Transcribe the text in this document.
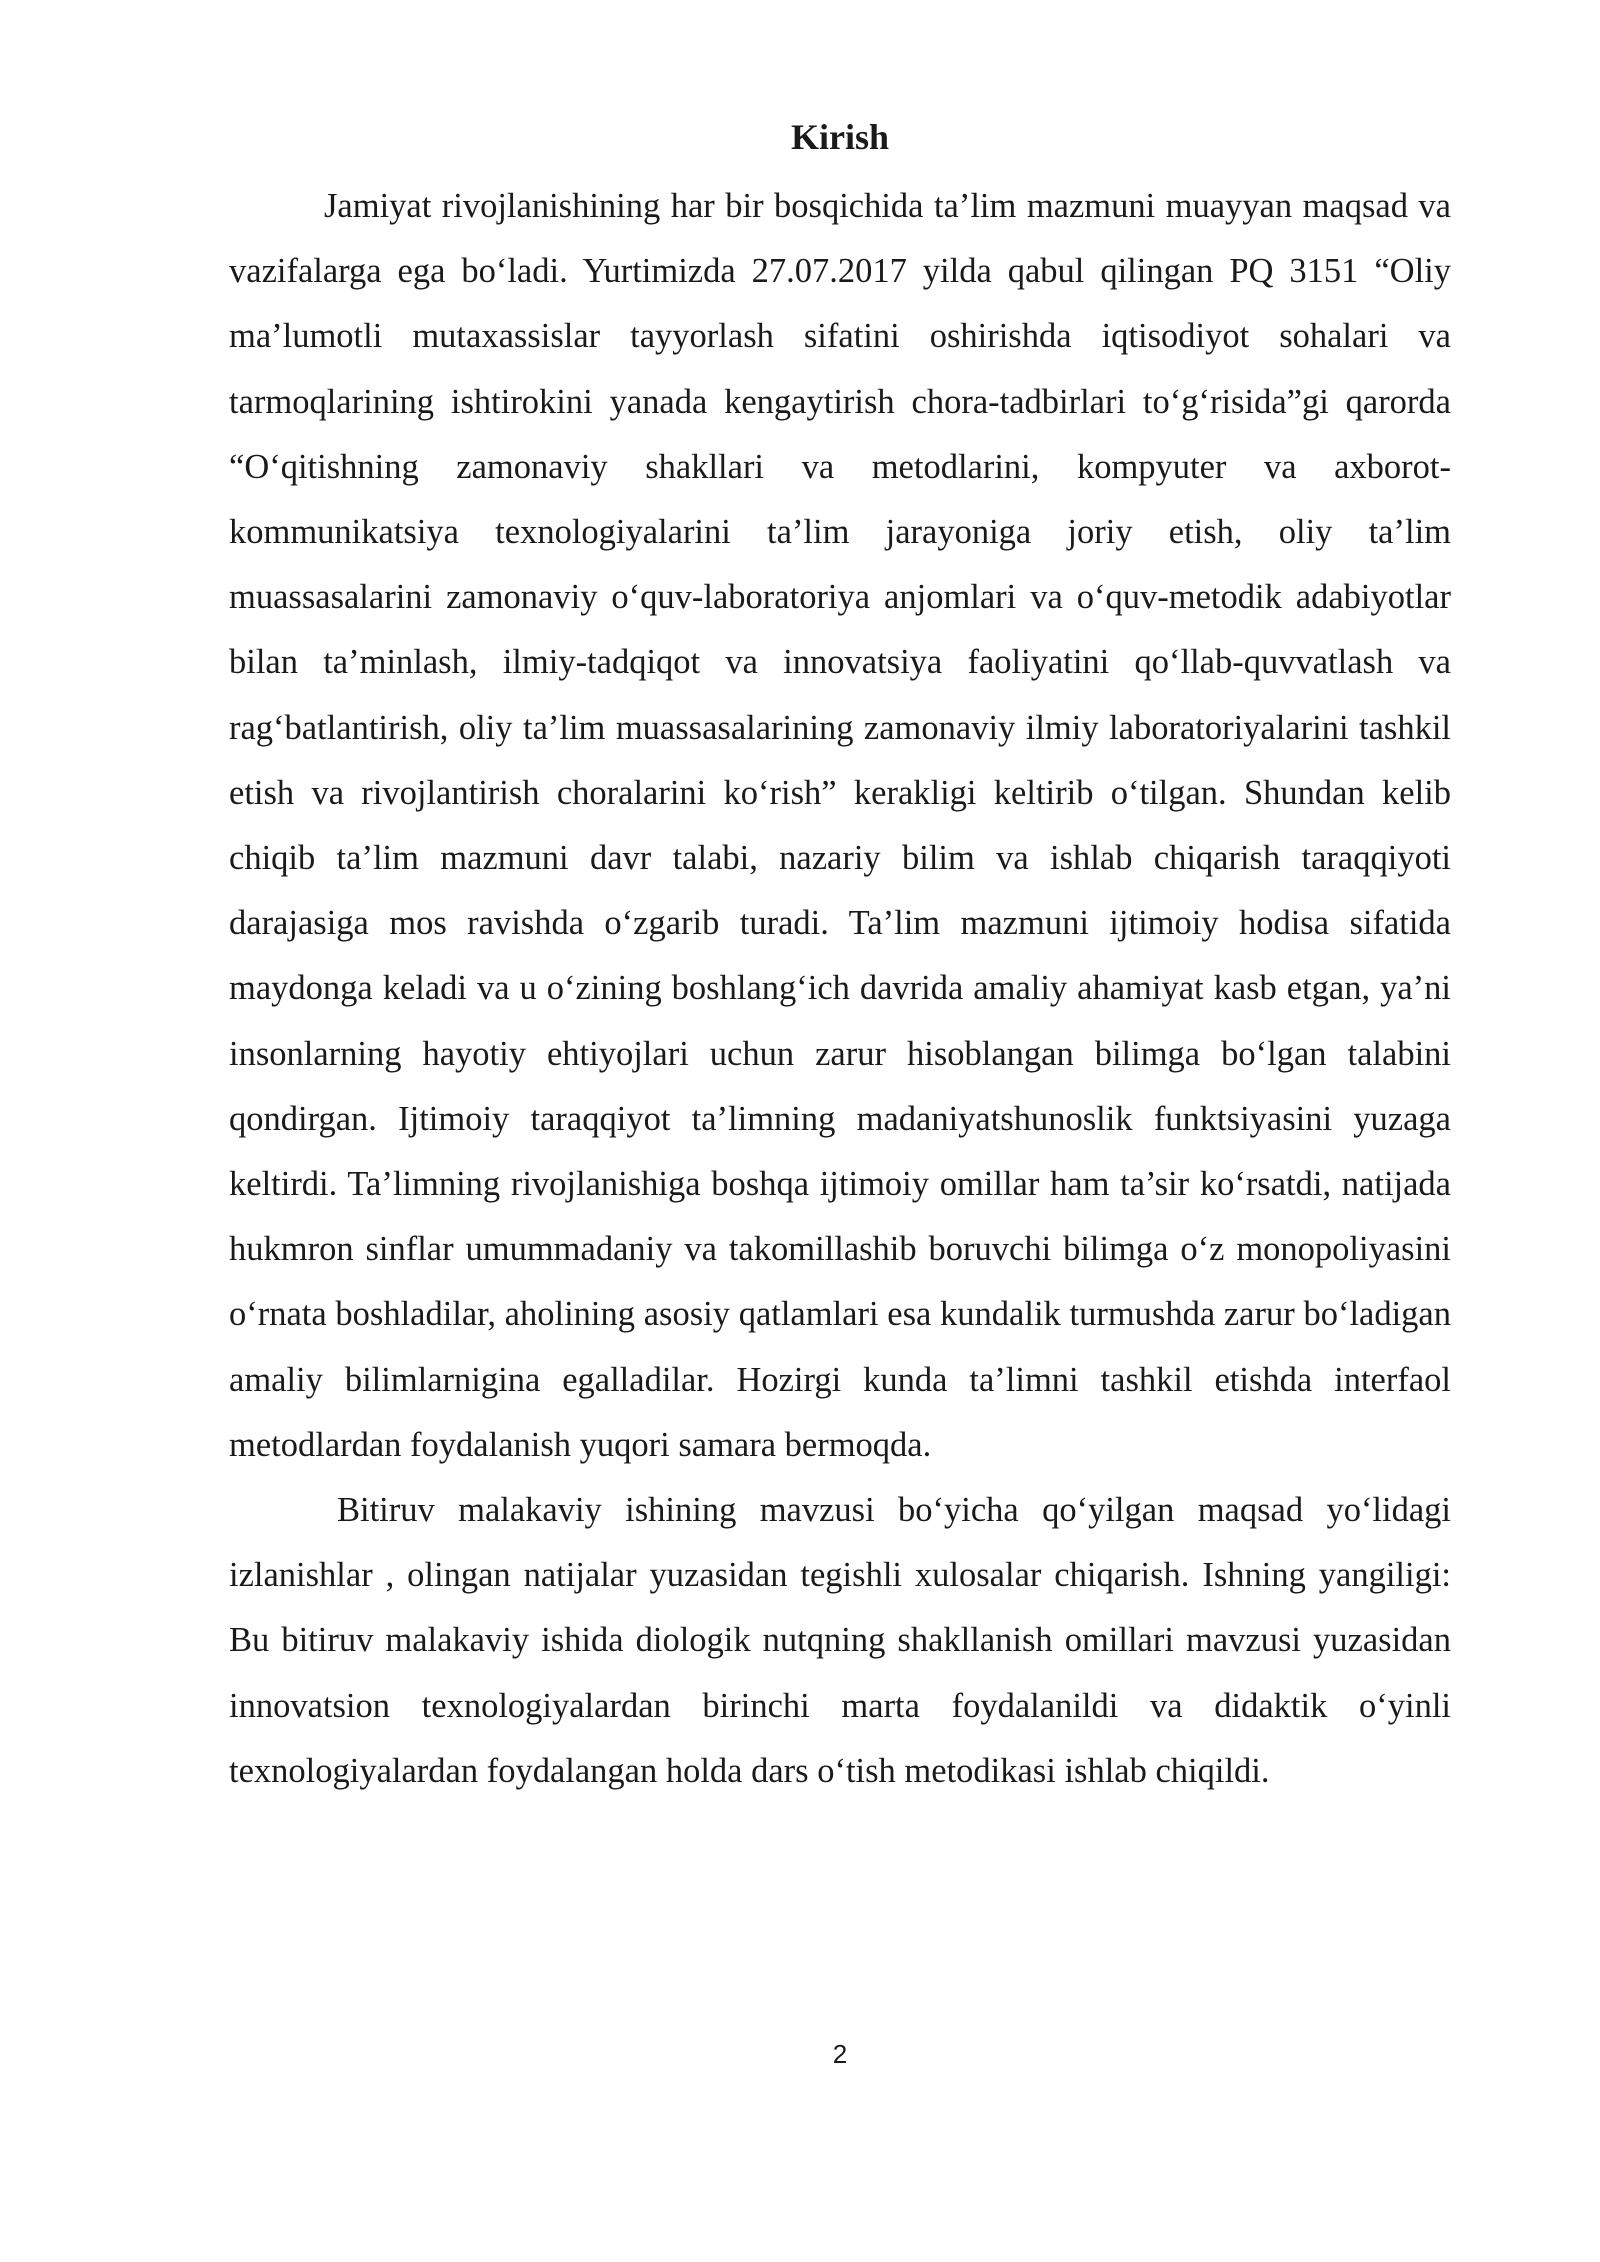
Kirish

Jamiyat rivojlanishining har bir bosqichida ta’lim mazmuni muayyan maqsad va vazifalarga ega bo‘ladi. Yurtimizda 27.07.2017 yilda qabul qilingan PQ 3151 “Oliy ma’lumotli mutaxassislar tayyorlash sifatini oshirishda iqtisodiyot sohalari va tarmoqlarining ishtirokini yanada kengaytirish chora-tadbirlari to‘g‘risida”gi qarorda “O‘qitishning zamonaviy shakllari va metodlarini, kompyuter va axborot-kommunikatsiya texnologiyalarini ta’lim jarayoniga joriy etish, oliy ta’lim muassasalarini zamonaviy o‘quv-laboratoriya anjomlari va o‘quv-metodik adabiyotlar bilan ta’minlash, ilmiy-tadqiqot va innovatsiya faoliyatini qo‘llab-quvvatlash va rag‘batlantirish, oliy ta’lim muassasalarining zamonaviy ilmiy laboratoriyalarini tashkil etish va rivojlantirish choralarini ko‘rish” kerakligi keltirib o‘tilgan. Shundan kelib chiqib ta’lim mazmuni davr talabi, nazariy bilim va ishlab chiqarish taraqqiyoti darajasiga mos ravishda o‘zgarib turadi. Ta’lim mazmuni ijtimoiy hodisa sifatida maydonga keladi va u o‘zining boshlang‘ich davrida amaliy ahamiyat kasb etgan, ya’ni insonlarning hayotiy ehtiyojlari uchun zarur hisoblangan bilimga bo‘lgan talabini qondirgan. Ijtimoiy taraqqiyot ta’limning madaniyatshunoslik funktsiyasini yuzaga keltirdi. Ta’limning rivojlanishiga boshqa ijtimoiy omillar ham ta’sir ko‘rsatdi, natijada hukmron sinflar umummadaniy va takomillashib boruvchi bilimga o‘z monopoliyasini o‘rnata boshladilar, aholining asosiy qatlamlari esa kundalik turmushda zarur bo‘ladigan amaliy bilimlarnigina egalladilar. Hozirgi kunda ta’limni tashkil etishda interfaol metodlardan foydalanish yuqori samara bermoqda.

Bitiruv malakaviy ishining mavzusi bo‘yicha qo‘yilgan maqsad yo‘lidagi izlanishlar , olingan natijalar yuzasidan tegishli xulosalar chiqarish. Ishning yangiligi: Bu bitiruv malakaviy ishida diologik nutqning shakllanish omillari mavzusi yuzasidan innovatsion texnologiyalardan birinchi marta foydalanildi va didaktik o‘yinli texnologiyalardan foydalangan holda dars o‘tish metodikasi ishlab chiqildi.

2
